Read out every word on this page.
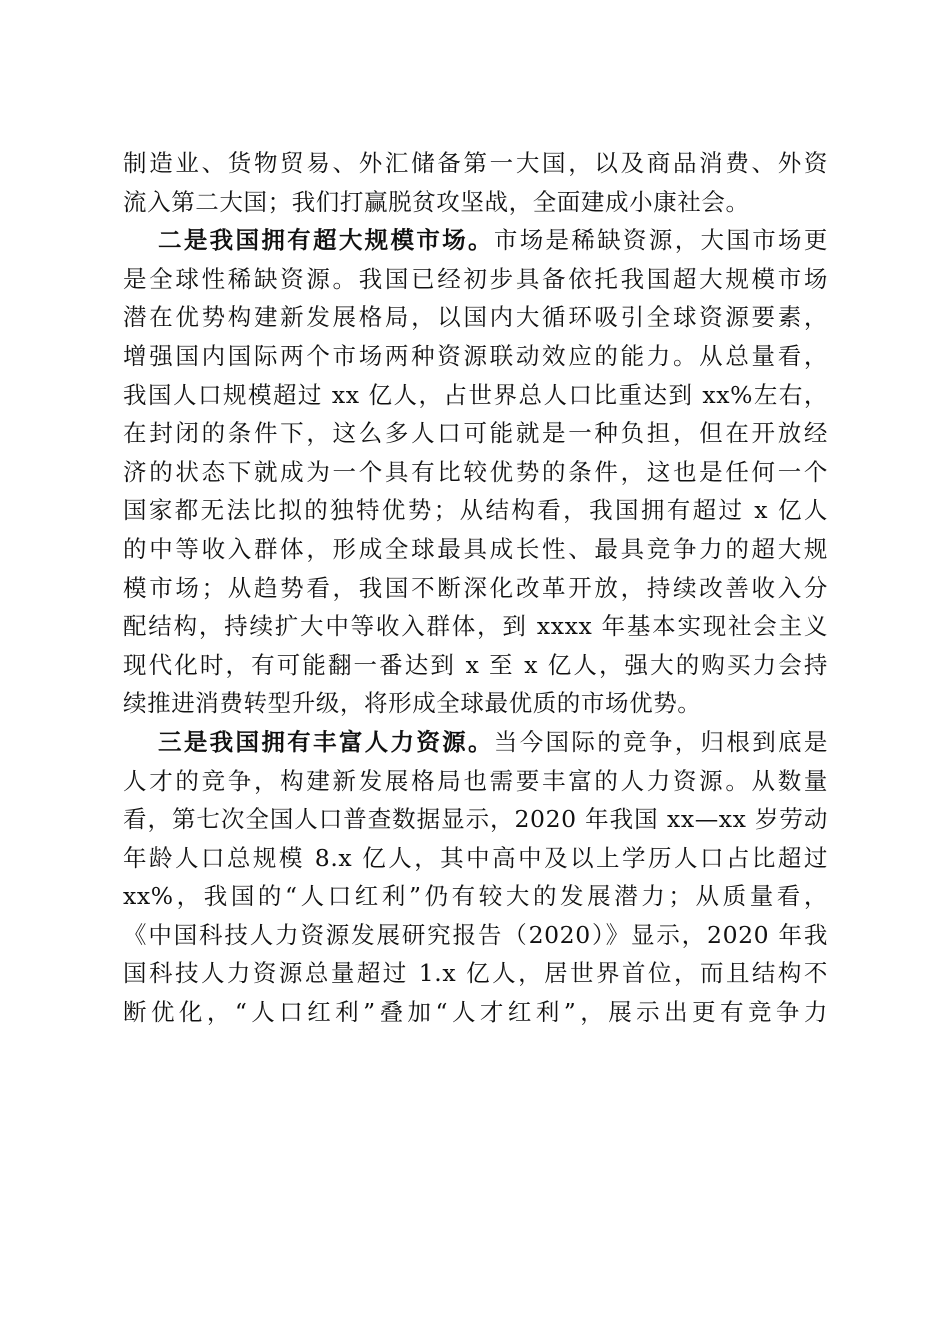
制造业、货物贸易、外汇储备第一大国，以及商品消费、外资
流入第二大国；我们打赢脱贫攻坚战，全面建成小康社会。
二是我国拥有超大规模市场。市场是稀缺资源，大国市场更
是全球性稀缺资源。我国已经初步具备依托我国超大规模市场
潜在优势构建新发展格局，以国内大循环吸引全球资源要素，
增强国内国际两个市场两种资源联动效应的能力。从总量看，
我国人口规模超过 xx 亿人，占世界总人口比重达到 xx%左右，
在封闭的条件下，这么多人口可能就是一种负担，但在开放经
济的状态下就成为一个具有比较优势的条件，这也是任何一个
国家都无法比拟的独特优势；从结构看，我国拥有超过 x 亿人
的中等收入群体，形成全球最具成长性、最具竞争力的超大规
模市场；从趋势看，我国不断深化改革开放，持续改善收入分
配结构，持续扩大中等收入群体，到 xxxx 年基本实现社会主义
现代化时，有可能翻一番达到 x 至 x 亿人，强大的购买力会持
续推进消费转型升级，将形成全球最优质的市场优势。
三是我国拥有丰富人力资源。当今国际的竞争，归根到底是
人才的竞争，构建新发展格局也需要丰富的人力资源。从数量
看，第七次全国人口普查数据显示，2020 年我国 xx—xx 岁劳动
年龄人口总规模 8.x 亿人，其中高中及以上学历人口占比超过
xx%，我国的“人口红利”仍有较大的发展潜力；从质量看，
《中国科技人力资源发展研究报告（2020）》显示，2020 年我
国科技人力资源总量超过 1.x 亿人，居世界首位，而且结构不
断优化，“人口红利”叠加“人才红利”，展示出更有竞争力
